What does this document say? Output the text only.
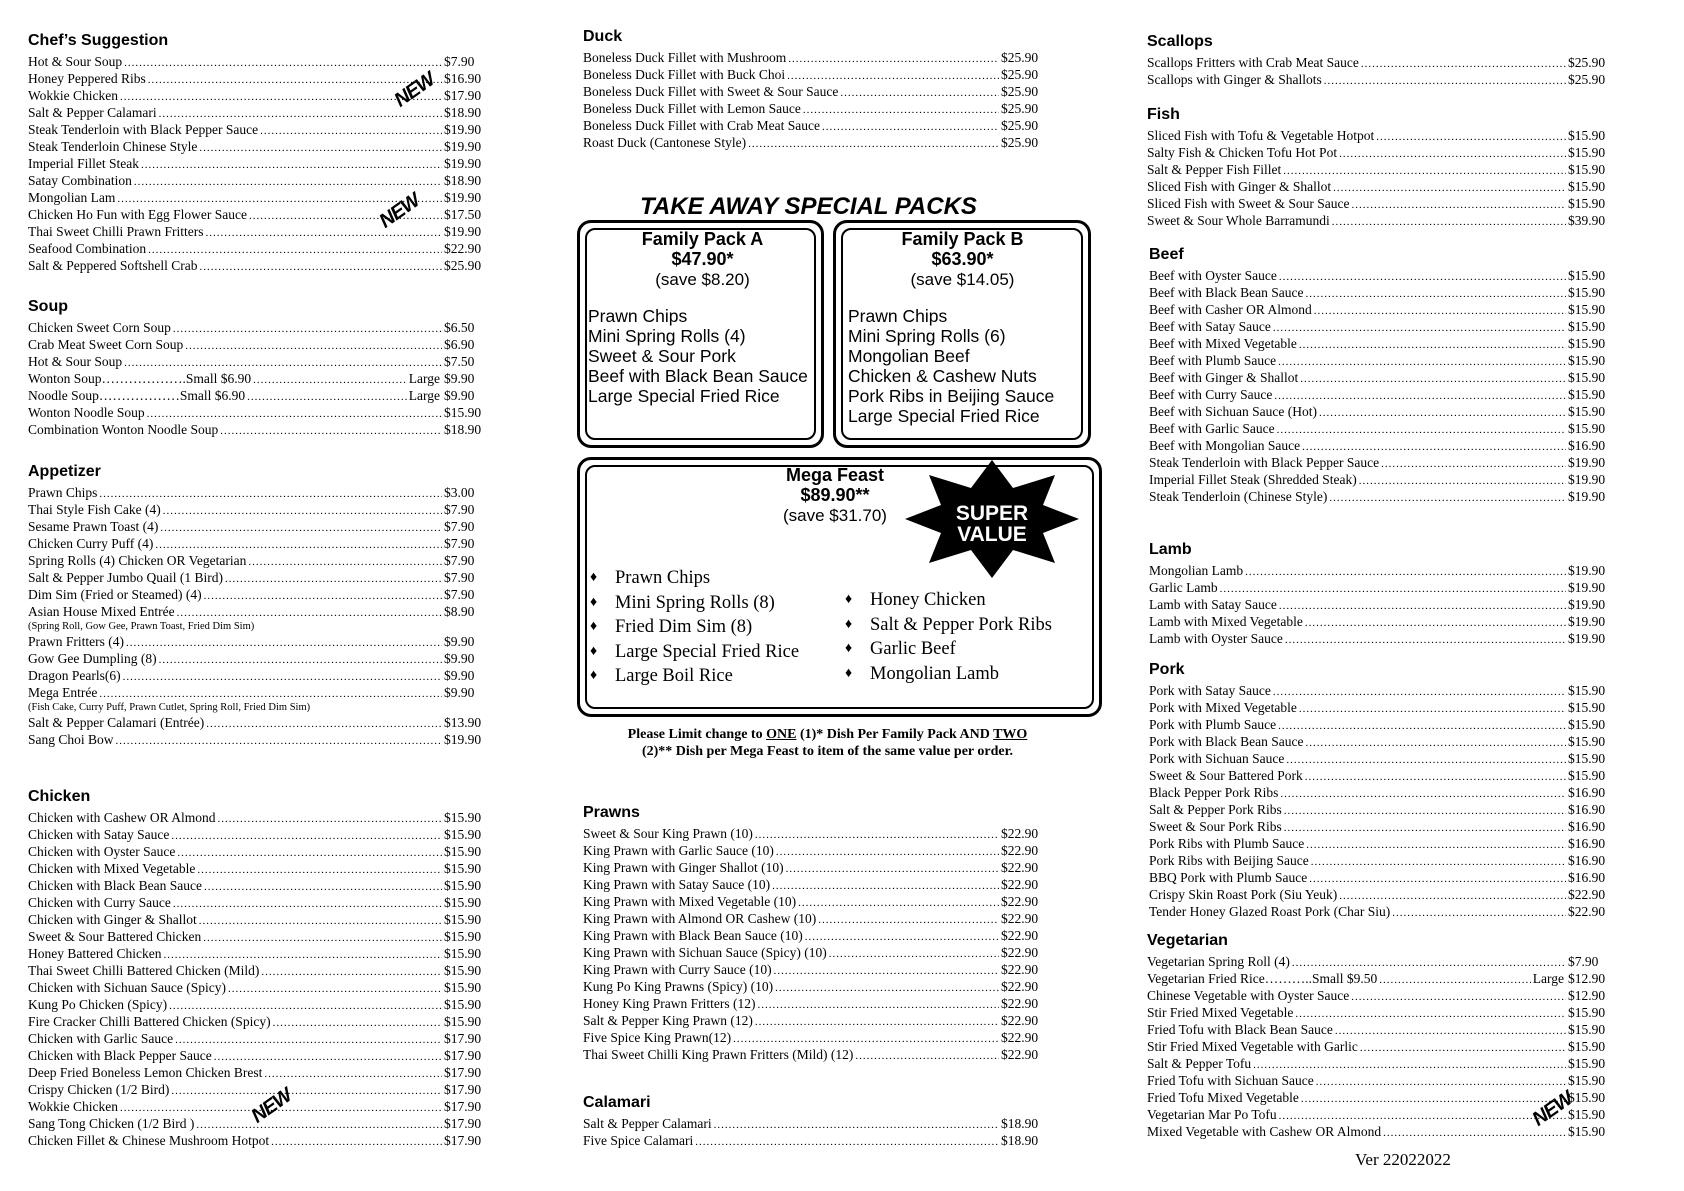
Chef’s Suggestion
Hot & Sour Soup .....	$7.90
Honey Peppered Ribs .....	$16.90
Wokkie Chicken .....	$17.90
Salt & Pepper Calamari .....	$18.90
Steak Tenderloin with Black Pepper Sauce .....	$19.90
Steak Tenderloin Chinese Style .....	$19.90
Imperial Fillet Steak .....	$19.90
Satay Combination .....	$18.90
Mongolian Lam .....	$19.90
Chicken Ho Fun with Egg Flower Sauce .....	$17.50
Thai Sweet Chilli Prawn Fritters .....	$19.90
Seafood Combination .....	$22.90
Salt & Peppered Softshell Crab .....	$25.90
Soup
Chicken Sweet Corn Soup .....	$6.50
Crab Meat Sweet Corn Soup .....	$6.90
Hot & Sour Soup .....	$7.50
Wonton Soup……………….Small $6.90 .....	Large $9.90
Noodle Soup………………Small $6.90 .....	Large $9.90
Wonton Noodle Soup .....	$15.90
Combination Wonton Noodle Soup .....	$18.90
Appetizer
Prawn Chips .....	$3.00
Thai Style Fish Cake (4) .....	$7.90
Sesame Prawn Toast (4) .....	$7.90
Chicken Curry Puff (4) .....	$7.90
Spring Rolls (4) Chicken OR Vegetarian .....	$7.90
Salt & Pepper Jumbo Quail (1 Bird) .....	$7.90
Dim Sim (Fried or Steamed) (4) .....	$7.90
Asian House Mixed Entrée .....	$8.90
(Spring Roll, Gow Gee, Prawn Toast, Fried Dim Sim)
Prawn Fritters (4) .....	$9.90
Gow Gee Dumpling (8) .....	$9.90
Dragon Pearls(6) .....	$9.90
Mega Entrée .....	$9.90
(Fish Cake, Curry Puff, Prawn Cutlet, Spring Roll, Fried Dim Sim)
Salt & Pepper Calamari (Entrée) .....	$13.90
Sang Choi Bow .....	$19.90
Chicken
Chicken with Cashew OR Almond .....	$15.90
Chicken with Satay Sauce .....	$15.90
Chicken with Oyster Sauce .....	$15.90
Chicken with Mixed Vegetable .....	$15.90
Chicken with Black Bean Sauce .....	$15.90
Chicken with Curry Sauce .....	$15.90
Chicken with Ginger & Shallot .....	$15.90
Sweet & Sour Battered Chicken .....	$15.90
Honey Battered Chicken .....	$15.90
Thai Sweet Chilli Battered Chicken (Mild) .....	$15.90
Chicken with Sichuan Sauce (Spicy) .....	$15.90
Kung Po Chicken (Spicy) .....	$15.90
Fire Cracker Chilli Battered Chicken (Spicy) .....	$15.90
Chicken with Garlic Sauce .....	$17.90
Chicken with Black Pepper Sauce .....	$17.90
Deep Fried Boneless Lemon Chicken Brest .....	$17.90
Crispy Chicken (1/2 Bird) .....	$17.90
Wokkie Chicken .....	$17.90
Sang Tong Chicken (1/2 Bird ) .....	$17.90
Chicken Fillet & Chinese Mushroom Hotpot .....	$17.90
Duck
Boneless Duck Fillet with Mushroom .....	$25.90
Boneless Duck Fillet with Buck Choi .....	$25.90
Boneless Duck Fillet with Sweet & Sour Sauce .....	$25.90
Boneless Duck Fillet with Lemon Sauce .....	$25.90
Boneless Duck Fillet with Crab Meat Sauce .....	$25.90
Roast Duck (Cantonese Style) .....	$25.90
TAKE AWAY SPECIAL PACKS
Family Pack A
$47.90*
(save $8.20)
Prawn Chips
Mini Spring Rolls (4)
Sweet & Sour Pork
Beef with Black Bean Sauce
Large Special Fried Rice
Family Pack B
$63.90*
(save $14.05)
Prawn Chips
Mini Spring Rolls (6)
Mongolian Beef
Chicken & Cashew Nuts
Pork Ribs in Beijing Sauce
Large Special Fried Rice
Mega Feast
$89.90**
(save $31.70)	SUPER
VALUE
♦ Prawn Chips
♦ Mini Spring Rolls (8)
♦ Fried Dim Sim (8)
♦ Large Special Fried Rice
♦ Large Boil Rice
♦ Honey Chicken
♦ Salt & Pepper Pork Ribs
♦ Garlic Beef
♦ Mongolian Lamb
Please Limit change to ONE (1)* Dish Per Family Pack AND TWO
(2)** Dish per Mega Feast to item of the same value per order.
Prawns
Sweet & Sour King Prawn (10) .....	$22.90
King Prawn with Garlic Sauce (10) .....	$22.90
King Prawn with Ginger Shallot (10) .....	$22.90
King Prawn with Satay Sauce (10) .....	$22.90
King Prawn with Mixed Vegetable (10) .....	$22.90
King Prawn with Almond OR Cashew (10) .....	$22.90
King Prawn with Black Bean Sauce (10) .....	$22.90
King Prawn with Sichuan Sauce (Spicy) (10) .....	$22.90
King Prawn with Curry Sauce (10) .....	$22.90
Kung Po King Prawns (Spicy) (10) .....	$22.90
Honey King Prawn Fritters (12) .....	$22.90
Salt & Pepper King Prawn (12) .....	$22.90
Five Spice King Prawn(12) .....	$22.90
Thai Sweet Chilli King Prawn Fritters (Mild) (12) .....	$22.90
Calamari
Salt & Pepper Calamari .....	$18.90
Five Spice Calamari .....	$18.90
Scallops
Scallops Fritters with Crab Meat Sauce .....	$25.90
Scallops with Ginger & Shallots .....	$25.90
Fish
Sliced Fish with Tofu & Vegetable Hotpot .....	$15.90
Salty Fish & Chicken Tofu Hot Pot .....	$15.90
Salt & Pepper Fish Fillet .....	$15.90
Sliced Fish with Ginger & Shallot .....	$15.90
Sliced Fish with Sweet & Sour Sauce .....	$15.90
Sweet & Sour Whole Barramundi .....	$39.90
Beef
Beef with Oyster Sauce .....	$15.90
Beef with Black Bean Sauce .....	$15.90
Beef with Casher OR Almond .....	$15.90
Beef with Satay Sauce .....	$15.90
Beef with Mixed Vegetable .....	$15.90
Beef with Plumb Sauce .....	$15.90
Beef with Ginger & Shallot .....	$15.90
Beef with Curry Sauce .....	$15.90
Beef with Sichuan Sauce (Hot) .....	$15.90
Beef with Garlic Sauce .....	$15.90
Beef with Mongolian Sauce .....	$16.90
Steak Tenderloin with Black Pepper Sauce .....	$19.90
Imperial Fillet Steak (Shredded Steak) .....	$19.90
Steak Tenderloin (Chinese Style) .....	$19.90
Lamb
Mongolian Lamb .....	$19.90
Garlic Lamb .....	$19.90
Lamb with Satay Sauce .....	$19.90
Lamb with Mixed Vegetable .....	$19.90
Lamb with Oyster Sauce .....	$19.90
Pork
Pork with Satay Sauce .....	$15.90
Pork with Mixed Vegetable .....	$15.90
Pork with Plumb Sauce .....	$15.90
Pork with Black Bean Sauce .....	$15.90
Pork with Sichuan Sauce .....	$15.90
Sweet & Sour Battered Pork .....	$15.90
Black Pepper Pork Ribs .....	$16.90
Salt & Pepper Pork Ribs .....	$16.90
Sweet & Sour Pork Ribs .....	$16.90
Pork Ribs with Plumb Sauce .....	$16.90
Pork Ribs with Beijing Sauce .....	$16.90
BBQ Pork with Plumb Sauce .....	$16.90
Crispy Skin Roast Pork (Siu Yeuk) .....	$22.90
Tender Honey Glazed Roast Pork (Char Siu) .....	$22.90
Vegetarian
Vegetarian Spring Roll (4) .....	$7.90
Vegetarian Fried Rice………..Small $9.50 .....	Large $12.90
Chinese Vegetable with Oyster Sauce .....	$12.90
Stir Fried Mixed Vegetable .....	$15.90
Fried Tofu with Black Bean Sauce .....	$15.90
Stir Fried Mixed Vegetable with Garlic .....	$15.90
Salt & Pepper Tofu .....	$15.90
Fried Tofu with Sichuan Sauce .....	$15.90
Fried Tofu Mixed Vegetable .....	$15.90
Vegetarian Mar Po Tofu .....	$15.90
Mixed Vegetable with Cashew OR Almond .....	$15.90
NEW
NEW
NEW	NEW
Ver 22022022
